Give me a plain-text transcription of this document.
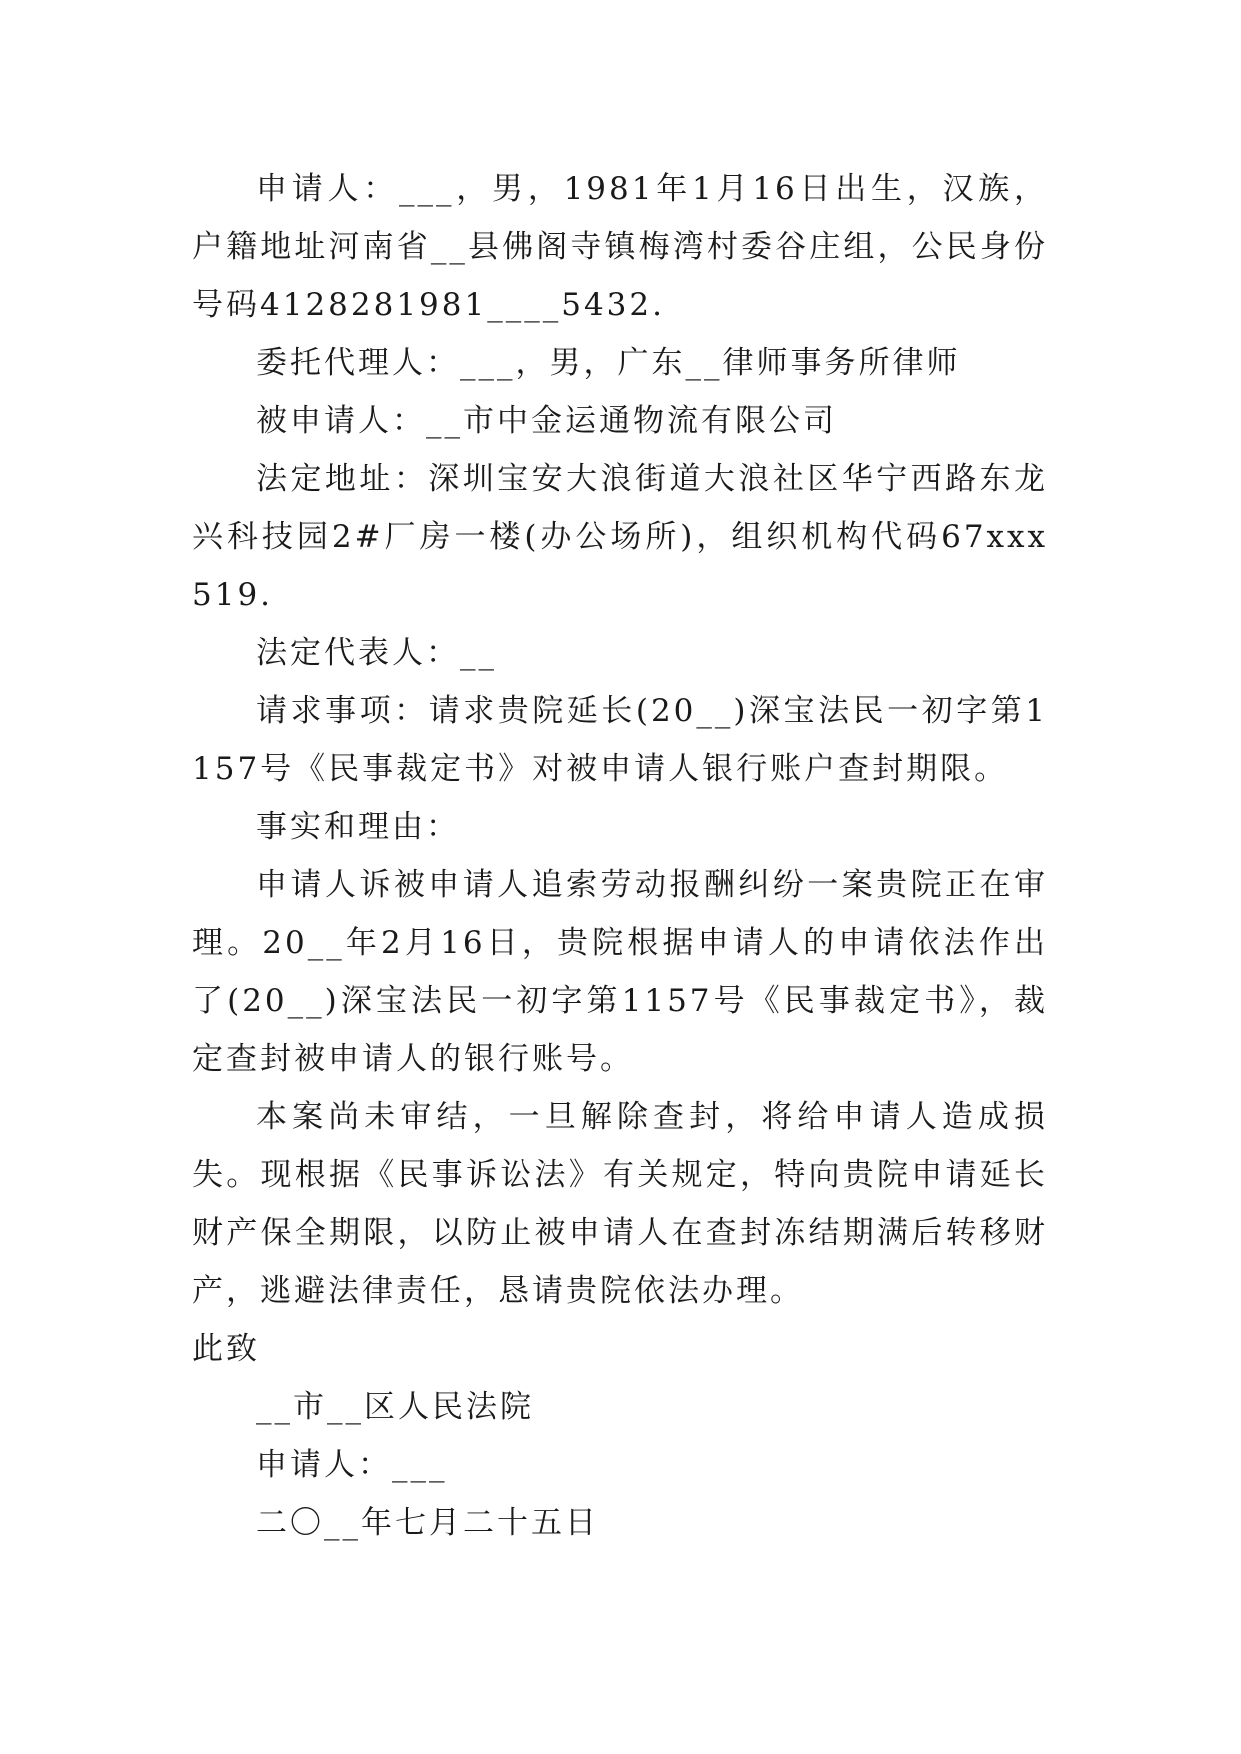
申请人：___，男，1981年1月16日出生，汉族，户籍地址河南省__县佛阁寺镇梅湾村委谷庄组，公民身份号码4128281981____5432.

委托代理人：___，男，广东__律师事务所律师

被申请人：__市中金运通物流有限公司

法定地址：深圳宝安大浪街道大浪社区华宁西路东龙兴科技园2#厂房一楼(办公场所)，组织机构代码67xxx519.

法定代表人：__

请求事项：请求贵院延长(20__)深宝法民一初字第1157号《民事裁定书》对被申请人银行账户查封期限。

事实和理由：

申请人诉被申请人追索劳动报酬纠纷一案贵院正在审理。20__年2月16日，贵院根据申请人的申请依法作出了(20__)深宝法民一初字第1157号《民事裁定书》，裁定查封被申请人的银行账号。

本案尚未审结，一旦解除查封，将给申请人造成损失。现根据《民事诉讼法》有关规定，特向贵院申请延长财产保全期限，以防止被申请人在查封冻结期满后转移财产，逃避法律责任，恳请贵院依法办理。

此致

__市__区人民法院

申请人：___

二〇__年七月二十五日
